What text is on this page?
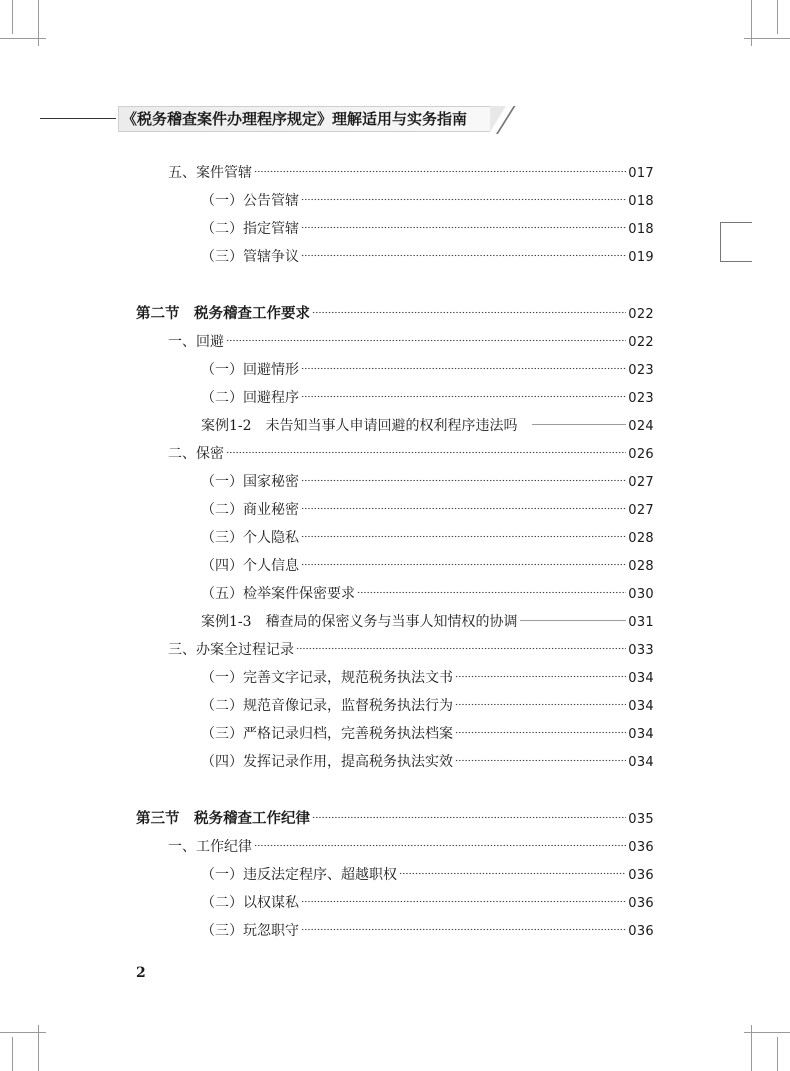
《税务稽查案件办理程序规定》理解适用与实务指南
五、案件管辖	017
（一）公告管辖	018
（二）指定管辖	018
（三）管辖争议	019
第二节　税务稽查工作要求	022
一、回避	022
（一）回避情形	023
（二）回避程序	023
案例1-2　未告知当事人申请回避的权利程序违法吗	024
二、保密	026
（一）国家秘密	027
（二）商业秘密	027
（三）个人隐私	028
（四）个人信息	028
（五）检举案件保密要求	030
案例1-3　稽查局的保密义务与当事人知情权的协调	031
三、办案全过程记录	033
（一）完善文字记录，规范税务执法文书	034
（二）规范音像记录，监督税务执法行为	034
（三）严格记录归档，完善税务执法档案	034
（四）发挥记录作用，提高税务执法实效	034
第三节　税务稽查工作纪律	035
一、工作纪律	036
（一）违反法定程序、超越职权	036
（二）以权谋私	036
（三）玩忽职守	036
2
